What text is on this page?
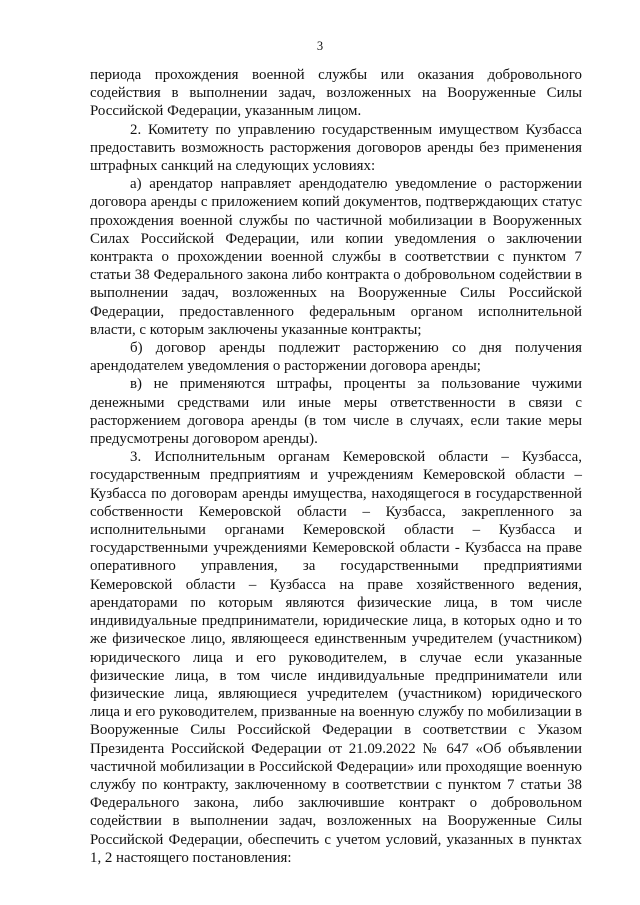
3

периода прохождения военной службы или оказания добровольного содействия в выполнении задач, возложенных на Вооруженные Силы Российской Федерации, указанным лицом.

2. Комитету по управлению государственным имуществом Кузбасса предоставить возможность расторжения договоров аренды без применения штрафных санкций на следующих условиях:

а) арендатор направляет арендодателю уведомление о расторжении договора аренды с приложением копий документов, подтверждающих статус прохождения военной службы по частичной мобилизации в Вооруженных Силах Российской Федерации, или копии уведомления о заключении контракта о прохождении военной службы в соответствии с пунктом 7 статьи 38 Федерального закона либо контракта о добровольном содействии в выполнении задач, возложенных на Вооруженные Силы Российской Федерации, предоставленного федеральным органом исполнительной власти, с которым заключены указанные контракты;

б) договор аренды подлежит расторжению со дня получения арендодателем уведомления о расторжении договора аренды;

в) не применяются штрафы, проценты за пользование чужими денежными средствами или иные меры ответственности в связи с расторжением договора аренды (в том числе в случаях, если такие меры предусмотрены договором аренды).

3. Исполнительным органам Кемеровской области – Кузбасса, государственным предприятиям и учреждениям Кемеровской области – Кузбасса по договорам аренды имущества, находящегося в государственной собственности Кемеровской области – Кузбасса, закрепленного за исполнительными органами Кемеровской области – Кузбасса и государственными учреждениями Кемеровской области - Кузбасса на праве оперативного управления, за государственными предприятиями Кемеровской области – Кузбасса на праве хозяйственного ведения, арендаторами по которым являются физические лица, в том числе индивидуальные предприниматели, юридические лица, в которых одно и то же физическое лицо, являющееся единственным учредителем (участником) юридического лица и его руководителем, в случае если указанные физические лица, в том числе индивидуальные предприниматели или физические лица, являющиеся учредителем (участником) юридического лица и его руководителем, призванные на военную службу по мобилизации в Вооруженные Силы Российской Федерации в соответствии с Указом Президента Российской Федерации от 21.09.2022 № 647 «Об объявлении частичной мобилизации в Российской Федерации» или проходящие военную службу по контракту, заключенному в соответствии с пунктом 7 статьи 38 Федерального закона, либо заключившие контракт о добровольном содействии в выполнении задач, возложенных на Вооруженные Силы Российской Федерации, обеспечить с учетом условий, указанных в пунктах 1, 2 настоящего постановления:
